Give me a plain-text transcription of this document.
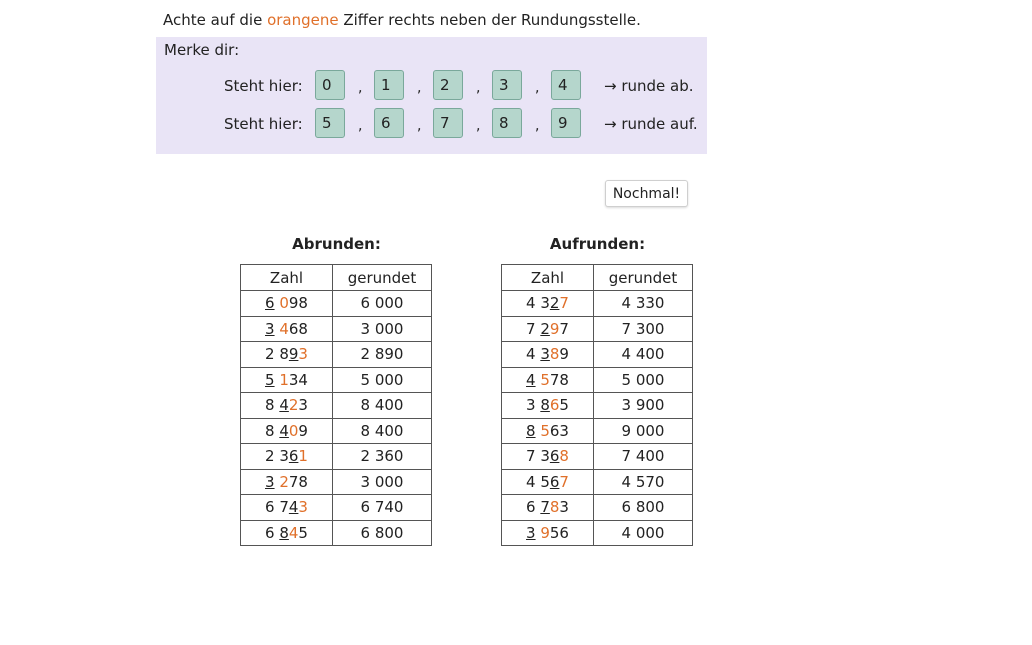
Achte auf die orangene Ziffer rechts neben der Rundungsstelle.
Merke dir:
Steht hier:	0	,	1	,	2	,	3	,	4	→ runde ab.
Steht hier:	5	,	6	,	7	,	8	,	9	→ runde auf.
Nochmal!
Abrunden:
Zahl	gerundet
6 098	6 000
3 468	3 000
2 893	2 890
5 134	5 000
8 423	8 400
8 409	8 400
2 361	2 360
3 278	3 000
6 743	6 740
6 845	6 800
Aufrunden:
Zahl	gerundet
4 327	4 330
7 297	7 300
4 389	4 400
4 578	5 000
3 865	3 900
8 563	9 000
7 368	7 400
4 567	4 570
6 783	6 800
3 956	4 000
